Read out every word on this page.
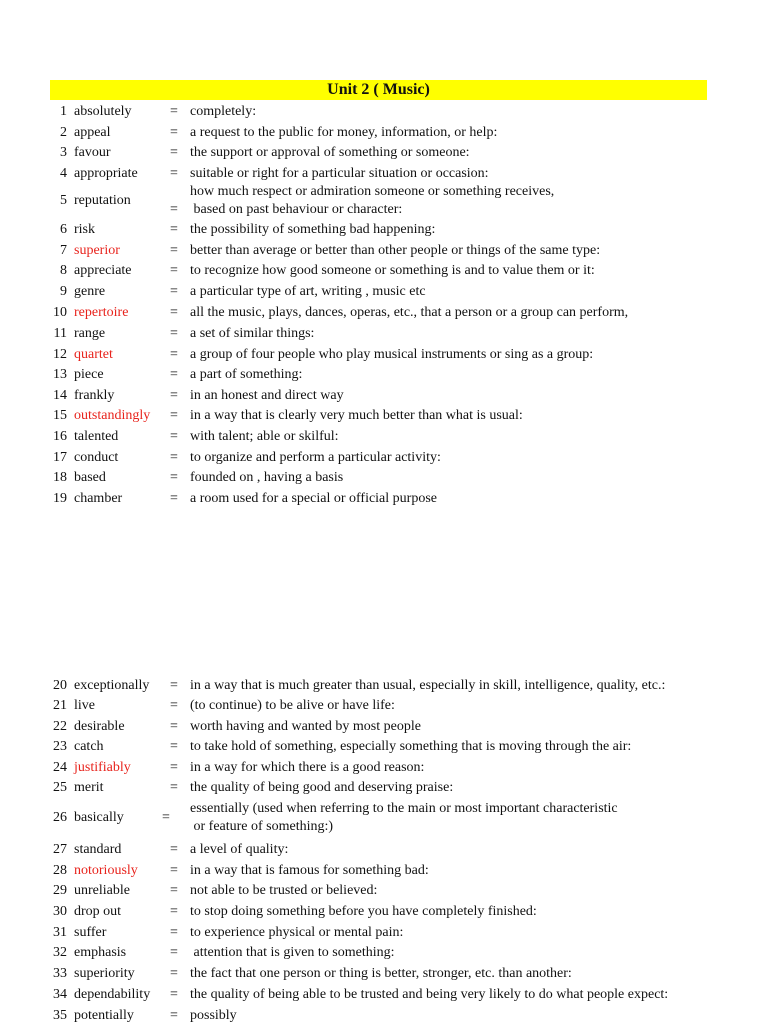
Unit 2 ( Music)
1 absolutely	= completely:
2 appeal	= a request to the public for money, information, or help:
3 favour	= the support or approval of something or someone:
4 appropriate = suitable or right for a particular situation or occasion:
5 reputation
=
how much respect or admiration someone or something receives,
based on past behaviour or character:
6 risk	= the possibility of something bad happening:
7 superior	= better than average or better than other people or things of the same type:
8 appreciate	= to recognize how good someone or something is and to value them or it:
9 genre	= a particular type of art, writing , music etc
10 repertoire	= all the music, plays, dances, operas, etc., that a person or a group can perform,
11 range	= a set of similar things:
12 quartet	= a group of four people who play musical instruments or sing as a group:
13 piece	= a part of something:
14 frankly	= in an honest and direct way
15 outstandingly = in a way that is clearly very much better than what is usual:
16 talented	= with talent; able or skilful:
17 conduct	= to organize and perform a particular activity:
18 based	= founded on , having a basis
19 chamber	= a room used for a special or official purpose
20 exceptionally = in a way that is much greater than usual, especially in skill, intelligence, quality, etc.:
21 live	= (to continue) to be alive or have life:
22 desirable	= worth having and wanted by most people
23 catch	= to take hold of something, especially something that is moving through the air:
24 justifiably	= in a way for which there is a good reason:
25 merit	= the quality of being good and deserving praise:
26 basically	=
essentially (used when referring to the main or most important characteristic
or feature of something:)
27 standard	= a level of quality:
28 notoriously = in a way that is famous for something bad:
29 unreliable	= not able to be trusted or believed:
30 drop out	= to stop doing something before you have completely finished:
31 suffer	= to experience physical or mental pain:
32 emphasis	= attention that is given to something:
33 superiority	= the fact that one person or thing is better, stronger, etc. than another:
34 dependability = the quality of being able to be trusted and being very likely to do what people expect:
35 potentially	= possibly
